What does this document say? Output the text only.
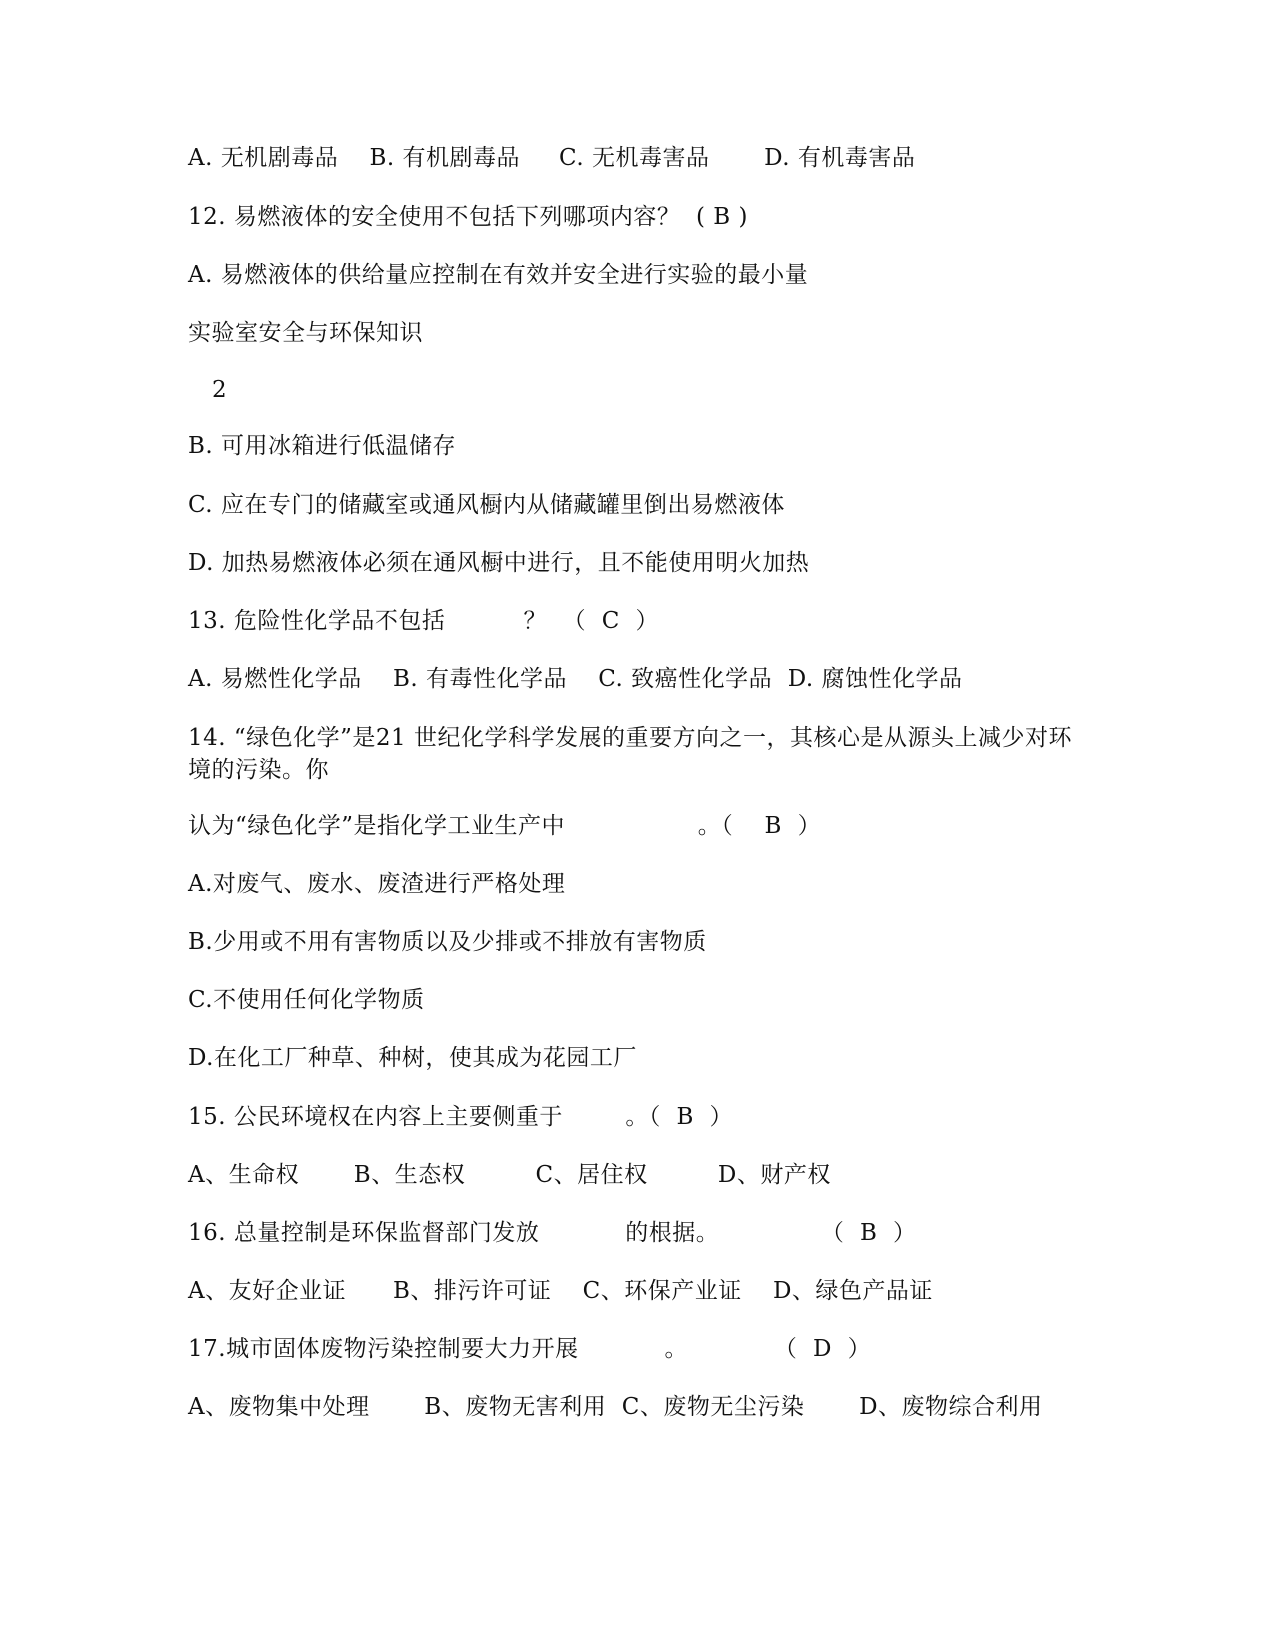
A. 无机剧毒品    B. 有机剧毒品     C. 无机毒害品       D. 有机毒害品
12. 易燃液体的安全使用不包括下列哪项内容？  ( B )
A. 易燃液体的供给量应控制在有效并安全进行实验的最小量
实验室安全与环保知识
2
B. 可用冰箱进行低温储存
C. 应在专门的储藏室或通风橱内从储藏罐里倒出易燃液体
D. 加热易燃液体必须在通风橱中进行，且不能使用明火加热
13. 危险性化学品不包括          ？  （  C  ）
A. 易燃性化学品    B. 有毒性化学品    C. 致癌性化学品  D. 腐蚀性化学品
14. “绿色化学”是21 世纪化学科学发展的重要方向之一，其核心是从源头上减少对环境的污染。你
认为“绿色化学”是指化学工业生产中                 。（    B  ）
A.对废气、废水、废渣进行严格处理
B.少用或不用有害物质以及少排或不排放有害物质
C.不使用任何化学物质
D.在化工厂种草、种树，使其成为花园工厂
15. 公民环境权在内容上主要侧重于        。（  B  ）
A、生命权       B、生态权         C、居住权         D、财产权
16. 总量控制是环保监督部门发放           的根据。             （  B  ）
A、友好企业证      B、排污许可证    C、环保产业证    D、绿色产品证
17.城市固体废物污染控制要大力开展           。           （  D  ）
A、废物集中处理       B、废物无害利用  C、废物无尘污染       D、废物综合利用
